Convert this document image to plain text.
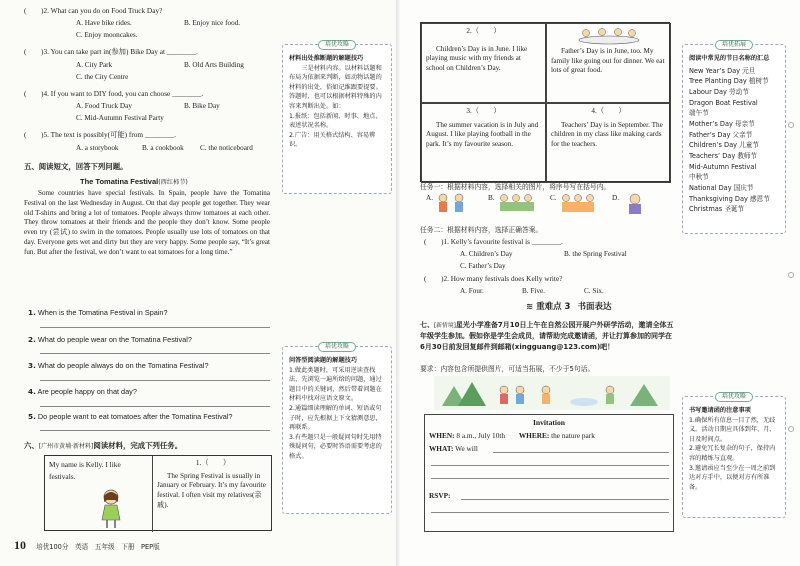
(　　)2. What can you do on Food Truck Day?
A. Have bike rides.	B. Enjoy nice food.
C. Enjoy mooncakes.
(　　)3. You can take part in(参加) Bike Day at ________.
A. City Park	B. Old Arts Building
C. the City Centre
(　　)4. If you want to DIY food, you can choose ________.
A. Food Truck Day	B. Bike Day
C. Mid-Autumn Festival Party
(　　)5. The text is possibly(可能) from ________.
A. a storybook	B. a cookbook C. the noticeboard
五、阅读短文，回答下列问题。
The Tomatina Festival(西红柿节)
Some countries have special festivals. In Spain, people have the Tomatina Festival on the last Wednesday in August. On that day people get together. They wear old T-shirts and bring a lot of tomatoes. People always throw tomatoes at each other. They throw tomatoes at their friends and the people they don’t know. Some people even try (尝试) to swim in the tomatoes. People usually use lots of tomatoes on that day. Everyone gets wet and dirty but they are very happy. Some people say, “It’s great fun. But after the festival, we don’t want to eat tomatoes for a long time.”
1. When is the Tomatina Festival in Spain?
2. What do people wear on the Tomatina Festival?
3. What do people always do on the Tomatina Festival?
4. Are people happy on that day?
5. Do people want to eat tomatoes after the Tomatina Festival?
六、[广州市黄埔·新材料]阅读材料，完成下列任务。
My name is Kelly. I like festivals.
1.（　　）
The Spring Festival is usually in January or February. It’s my favourite festival. I often visit my relatives(亲戚).
培优攻略
材料出处推断题的解题技巧
　　三是材料内容。以材料话题和布局为依据来判断，如动物话题的材料的出处，俗如记维跟要提要。答题时，也可以根据材料特殊的内容来判断出处。如：
1.报纸：包括新闻、时事、地点、表述状况名称。
2.广告：用关格式结构、容易辨识。
培优攻略
问答型阅读题的解题技巧
1.做此类题时，可采用逆读查找法，先浏览一遍所给的问题，通过题目中的关键词，然后带着问题在材料中找对应语文原文。
2.通篇细读理解的单词、短语或句子时，应先根据上下文猜测意思，再联系。
3.有些题只是一般疑问句时先用特殊疑问句，必要时答语需要考虑的格式。
10 培优100分　英语　五年级　下册　PEP版
2.（　　）
Children’s Day is in June. I like playing music with my friends at school on Children’s Day.
Father’s Day is in June, too. My family like going out for dinner. We eat lots of great food.
3.（　　）
The summer vacation is in July and August. I like playing football in the park. It’s my favourite season.
4.（　　）
Teachers’ Day is in September. The children in my class like making cards for the teachers.
任务一：根据材料内容，选择相关的图片，将序号写在括号内。
A.	B.	C.	D.
任务二：根据材料内容，选择正确答案。
(　　)1. Kelly’s favourite festival is ________.
A. Children’s Day	B. the Spring Festival
C. Father’s Day
(　　)2. How many festivals does Kelly write?
A. Four.	B. Five.	C. Six.
≋ 重难点 3 书面表达
七、[新情境]星光小学准备7月10日上午在自然公园开展户外研学活动，邀请全体五年级学生参加。假如你是学生会成员，请帮助完成邀请函，并让打算参加的同学在6月30日前发回复邮件到邮箱(xingguang@123.com)吧！
要求：内容包含所提供图片，可适当拓展，不少于5句话。
Invitation
WHEN: 8 a.m., July 10th WHERE: the nature park
WHAT: We will
RSVP:
培优拓展
阅读中常见的节日名称的汇总
New Year’s Day 元旦
Tree Planting Day 植树节
Labour Day 劳动节
Dragon Boat Festival
端午节
Mother’s Day 母亲节
Father’s Day 父亲节
Children’s Day 儿童节
Teachers’ Day 教师节
Mid-Autumn Festival
中秋节
National Day 国庆节
Thanksgiving Day 感恩节
Christmas 圣诞节
培优攻略
书写邀请函的注意事项
1.确保所有信息一目了然，无歧义。活动日期应具体到年、月、日及时间点。
2.避免冗长复杂的句子，保持内容的精炼与直观。
3.邀请函应当至少在一周之前到达对方手中，以便对方有所准备。
